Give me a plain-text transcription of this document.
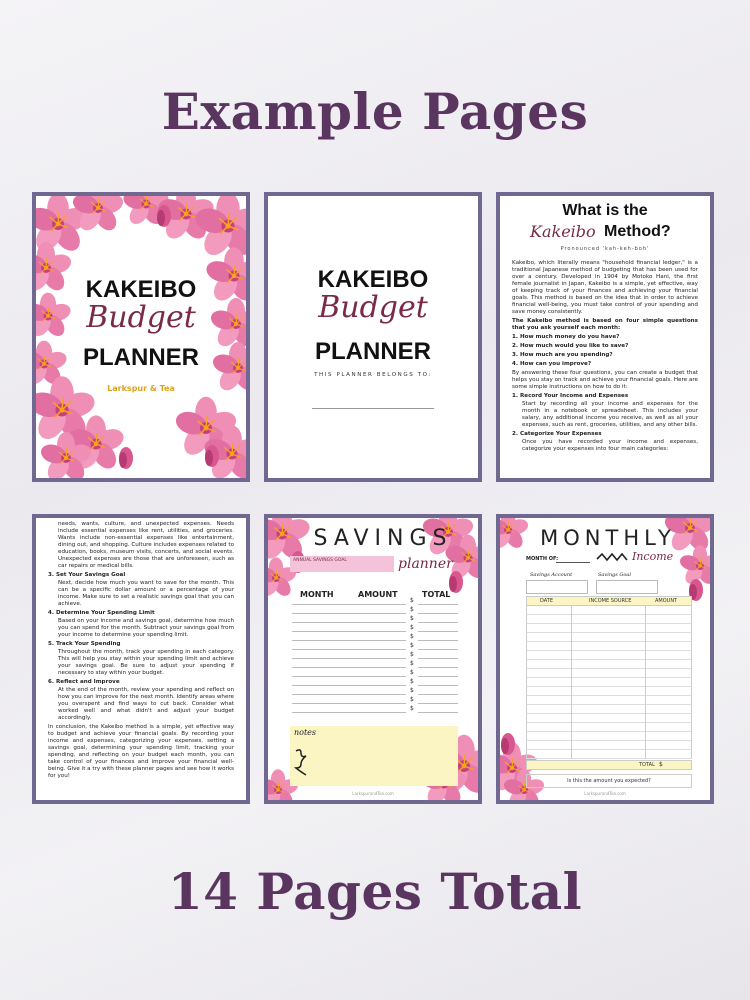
Example Pages
KAKEIBO
Budget
PLANNER
Larkspur & Tea
KAKEIBO
Budget
PLANNER
THIS PLANNER BELONGS TO:
What is the
Kakeibo Method?
Pronounced 'kah-keh-boh'
Kakeibo, which literally means "household financial ledger," is a traditional Japanese method of budgeting that has been used for over a century. Developed in 1904 by Motoko Hani, the first female journalist in Japan, Kakeibo is a simple, yet effective, way of keeping track of your finances and achieving your financial goals. This method is based on the idea that in order to achieve financial well-being, you must take control of your spending and save money consistently.
The Kakeibo method is based on four simple questions that you ask yourself each month:
1. How much money do you have?
2. How much would you like to save?
3. How much are you spending?
4. How can you improve?
By answering these four questions, you can create a budget that helps you stay on track and achieve your financial goals. Here are some simple instructions on how to do it:
1. Record Your Income and Expenses
Start by recording all your income and expenses for the month in a notebook or spreadsheet. This includes your salary, any additional income you receive, as well as all your expenses, such as rent, groceries, utilities, and any other bills.
2. Categorize Your Expenses
Once you have recorded your income and expenses, categorize your expenses into four main categories:
needs, wants, culture, and unexpected expenses. Needs include essential expenses like rent, utilities, and groceries. Wants include non-essential expenses like entertainment, dining out, and shopping. Culture includes expenses related to education, books, museum visits, concerts, and social events. Unexpected expenses are those that are unforeseen, such as car repairs or medical bills.
3. Set Your Savings Goal
Next, decide how much you want to save for the month. This can be a specific dollar amount or a percentage of your income. Make sure to set a realistic savings goal that you can achieve.
4. Determine Your Spending Limit
Based on your income and savings goal, determine how much you can spend for the month. Subtract your savings goal from your income to determine your spending limit.
5. Track Your Spending
Throughout the month, track your spending in each category. This will help you stay within your spending limit and achieve your savings goal. Be sure to adjust your spending if necessary to stay within your budget.
6. Reflect and Improve
At the end of the month, review your spending and reflect on how you can improve for the next month. Identify areas where you overspent and find ways to cut back. Consider what worked well and what didn't and adjust your budget accordingly.
In conclusion, the Kakeibo method is a simple, yet effective way to budget and achieve your financial goals. By recording your income and expenses, categorizing your expenses, setting a savings goal, determining your spending limit, tracking your spending, and reflecting on your budget each month, you can take control of your finances and improve your financial well-being. Give it a try with these planner pages and see how it works for you!
SAVINGS
ANNUAL SAVINGS GOAL	planner
MONTH	AMOUNT	TOTAL
notes
LarkspurandTea.com
$
$
$
$
$
$
$
$
$
$
$
$
$
MONTHLY
MONTH OF:	Income
Savings Account	Savings Goal
DATE	INCOME SOURCE	AMOUNT
TOTAL $
Is this the amount you expected?
LarkspurandTea.com
14 Pages Total
